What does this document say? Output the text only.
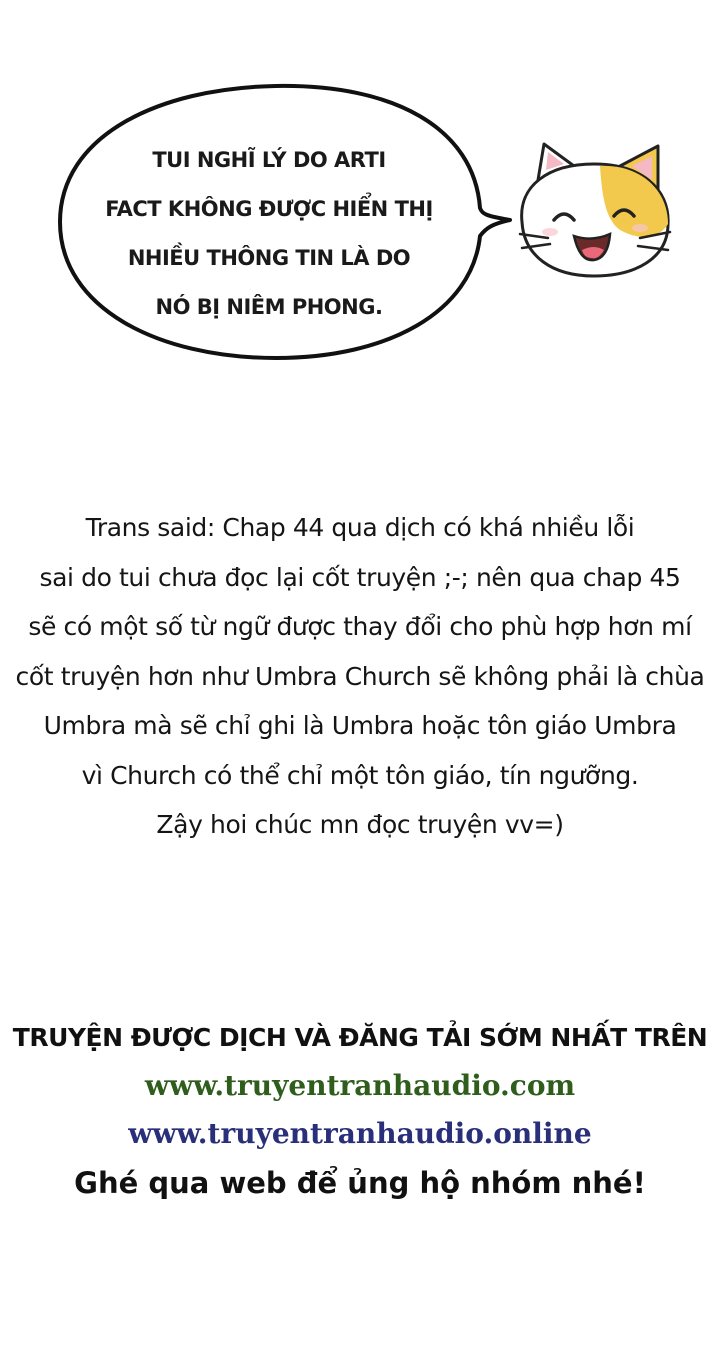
TUI NGHĨ LÝ DO ARTI
FACT KHÔNG ĐƯỢC HIỂN THỊ
NHIỀU THÔNG TIN LÀ DO
NÓ BỊ NIÊM PHONG.
Trans said: Chap 44 qua dịch có khá nhiều lỗi
sai do tui chưa đọc lại cốt truyện ;-; nên qua chap 45
sẽ có một số từ ngữ được thay đổi cho phù hợp hơn mí
cốt truyện hơn như Umbra Church sẽ không phải là chùa
Umbra mà sẽ chỉ ghi là Umbra hoặc tôn giáo Umbra
vì Church có thể chỉ một tôn giáo, tín ngưỡng.
Zậy hoi chúc mn đọc truyện vv=)
TRUYỆN ĐƯỢC DỊCH VÀ ĐĂNG TẢI SỚM NHẤT TRÊN
www.truyentranhaudio.com
www.truyentranhaudio.online
Ghé qua web để ủng hộ nhóm nhé!
